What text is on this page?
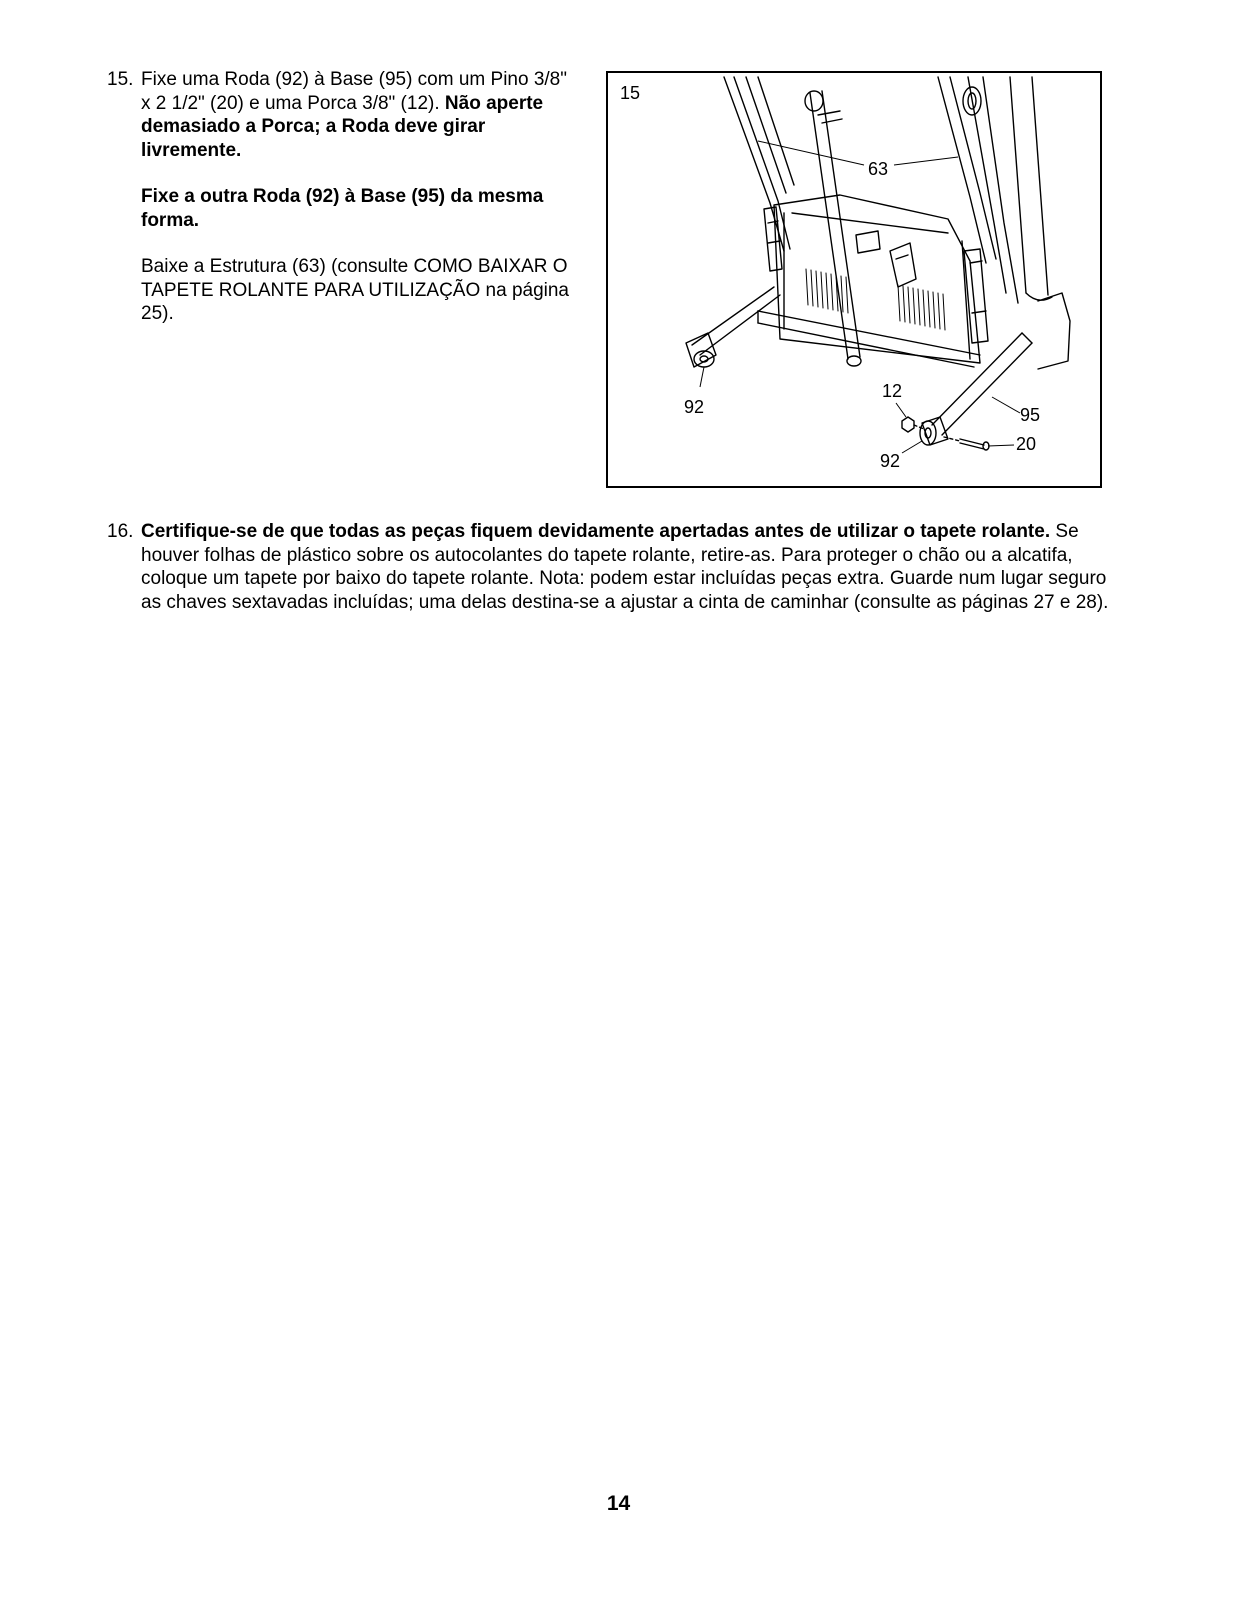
15. Fixe uma Roda (92) à Base (95) com um Pino 3/8" x 2 1/2" (20) e uma Porca 3/8" (12). Não aperte demasiado a Porca; a Roda deve girar livremente.

Fixe a outra Roda (92) à Base (95) da mesma forma.

Baixe a Estrutura (63) (consulte COMO BAIXAR O TAPETE ROLANTE PARA UTILIZAÇÃO na página 25).

15
63
92
12
95
20
92
16. Certifique-se de que todas as peças fiquem devidamente apertadas antes de utilizar o tapete rolante. Se houver folhas de plástico sobre os autocolantes do tapete rolante, retire-as. Para proteger o chão ou a alcatifa, coloque um tapete por baixo do tapete rolante. Nota: podem estar incluídas peças extra. Guarde num lugar seguro as chaves sextavadas incluídas; uma delas destina-se a ajustar a cinta de caminhar (consulte as páginas 27 e 28).
14
